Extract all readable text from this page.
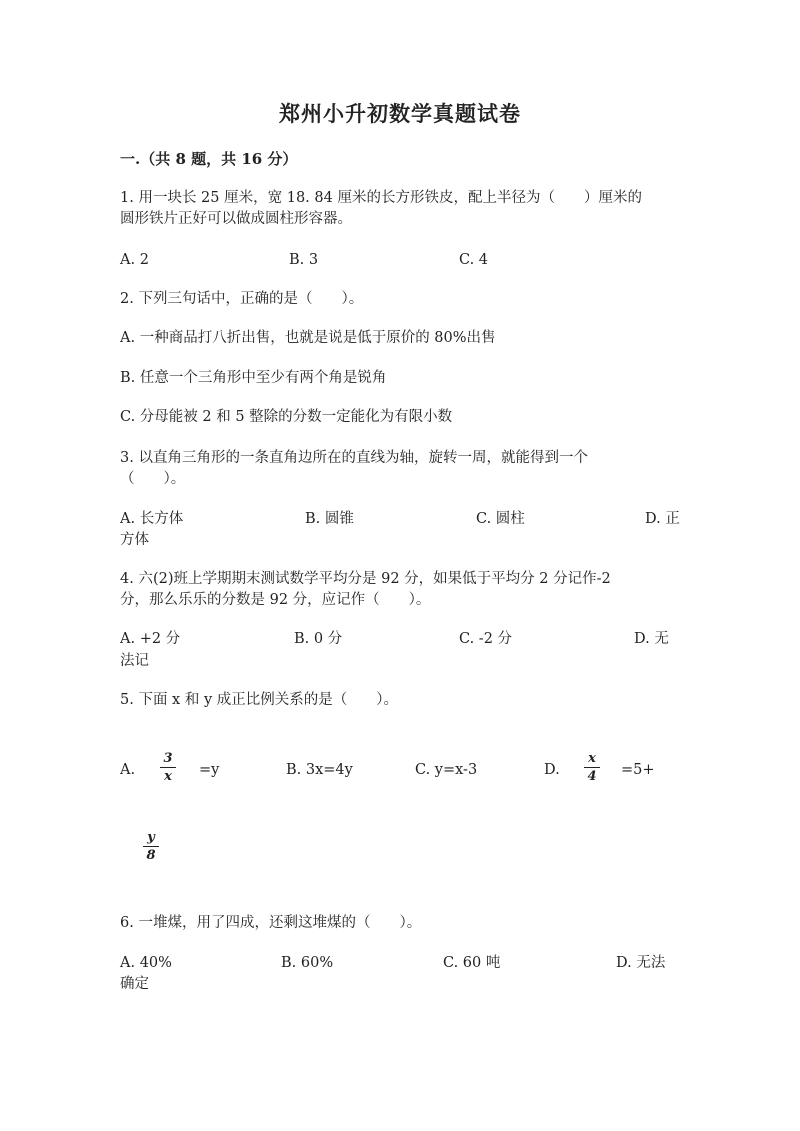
郑州小升初数学真题试卷
一.（共 8 题，共 16 分）
1. 用一块长 25 厘米，宽 18. 84 厘米的长方形铁皮，配上半径为（　　）厘米的
圆形铁片正好可以做成圆柱形容器。
A. 2	B. 3	C. 4
2. 下列三句话中，正确的是（　　）。
A. 一种商品打八折出售，也就是说是低于原价的 80%出售
B. 任意一个三角形中至少有两个角是锐角
C. 分母能被 2 和 5 整除的分数一定能化为有限小数
3. 以直角三角形的一条直角边所在的直线为轴，旋转一周，就能得到一个
（　　）。
A. 长方体	B. 圆锥	C. 圆柱	D. 正
方体
4. 六(2)班上学期期末测试数学平均分是 92 分，如果低于平均分 2 分记作-2
分，那么乐乐的分数是 92 分，应记作（　　）。
A. +2 分	B. 0 分	C. -2 分	D. 无
法记
5. 下面 x 和 y 成正比例关系的是（　　）。
A.
3
x =y	B. 3x=4y	C. y=x-3	D.
x
4 =5+
y
8
6. 一堆煤，用了四成，还剩这堆煤的（　　）。
A. 40%	B. 60%	C. 60 吨	D. 无法
确定
